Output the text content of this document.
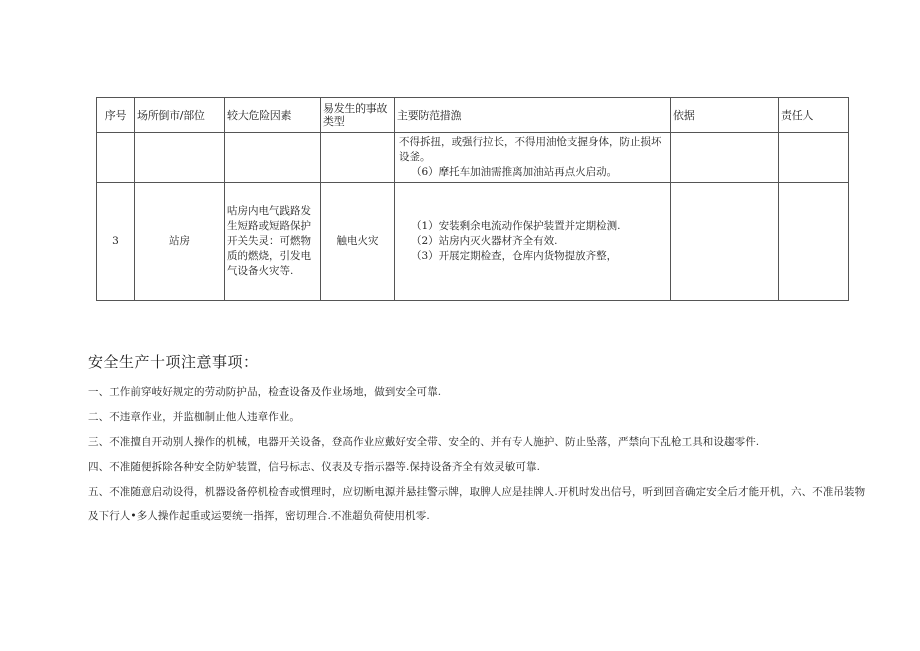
序号	场所倒市/部位	较大危险因素	易发生的事故类型	主要防范措漁	依据	责任人

				不得拆扭，或强行拉长，不得用油怆支握身体，防止损坏设釜。
（6）摩托车加油需推离加油站再点火启动。		

3	站房	咕房内电气践路发生短路或短路保护开关失灵：可燃物质的燃烧，引发电气设备火灾等.	触电火灾	（1）安装剩余电流动作保护装置并定期检测.
（2）站房内灭火器材齐全有效.
（3）开展定期检查，仓库内货物提放齐整，		

安全生产十项注意事项：
一、工作前穿岐好规定的劳动防护品，检查设备及作业场地，做到安全可靠.
二、不违章作业，并监枷制止他人违章作业。
三、不准擅自开动别人操作的机械，电器开关设备，登高作业应戴好安全带、安全的、并有专人施护、防止坠落，严禁向下乱枪工具和设趨零件.
四、不准随便拆除各种安全防妒装置，信号标志、仪表及专指示器等.保持设备齐全有效灵敏可靠.
五、不准随意启动设得，机器设备停机检杳或慣理时，应切断电源并悬挂警示牌，取脾人应是挂牌人.开机时发出信号，听到回音确定安全后才能开机，六、不准吊装物及下行人•多人操作起重或运要统一指挥，密切理合.不准超负荷使用机零.
